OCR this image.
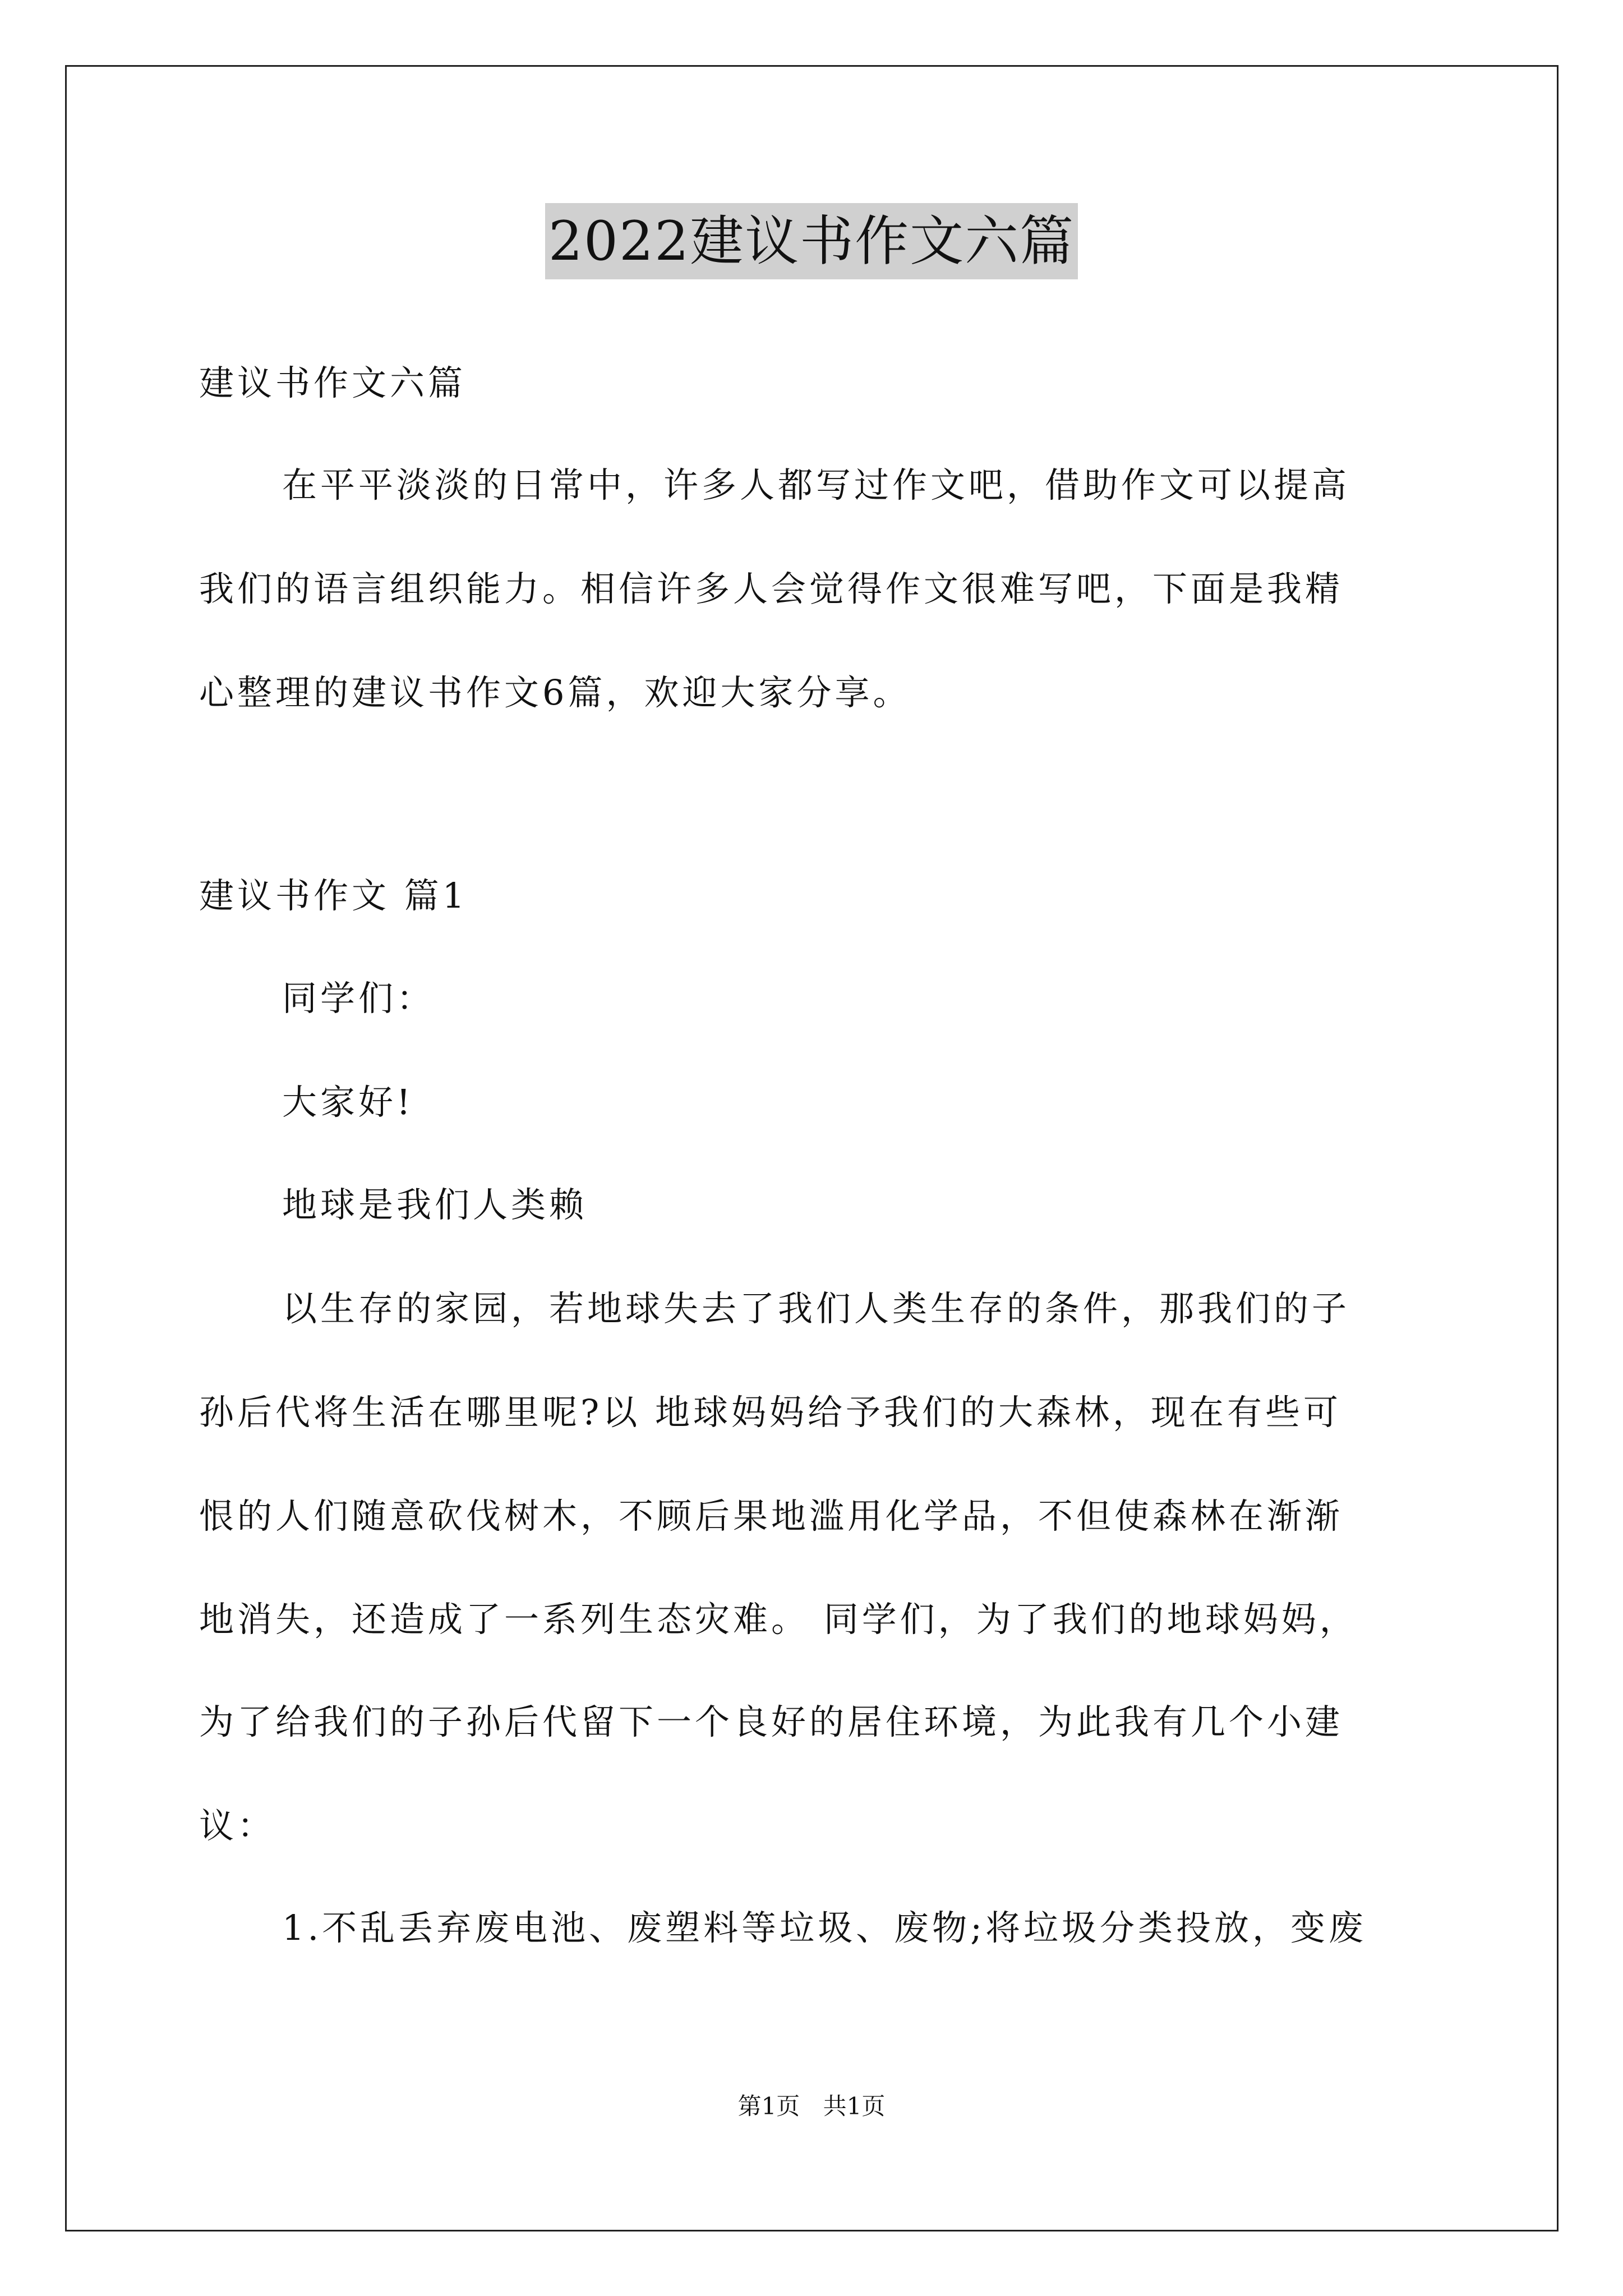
2022建议书作文六篇
建议书作文六篇
在平平淡淡的日常中，许多人都写过作文吧，借助作文可以提高
我们的语言组织能力。相信许多人会觉得作文很难写吧，下面是我精
心整理的建议书作文6篇，欢迎大家分享。
建议书作文 篇1
同学们：
大家好!
地球是我们人类赖
以生存的家园，若地球失去了我们人类生存的条件，那我们的子
孙后代将生活在哪里呢?以 地球妈妈给予我们的大森林，现在有些可
恨的人们随意砍伐树木，不顾后果地滥用化学品，不但使森林在渐渐
地消失，还造成了一系列生态灾难。 同学们，为了我们的地球妈妈，
为了给我们的子孙后代留下一个良好的居住环境，为此我有几个小建
议：
1.不乱丢弃废电池、废塑料等垃圾、废物;将垃圾分类投放，变废
第1页 共1页
